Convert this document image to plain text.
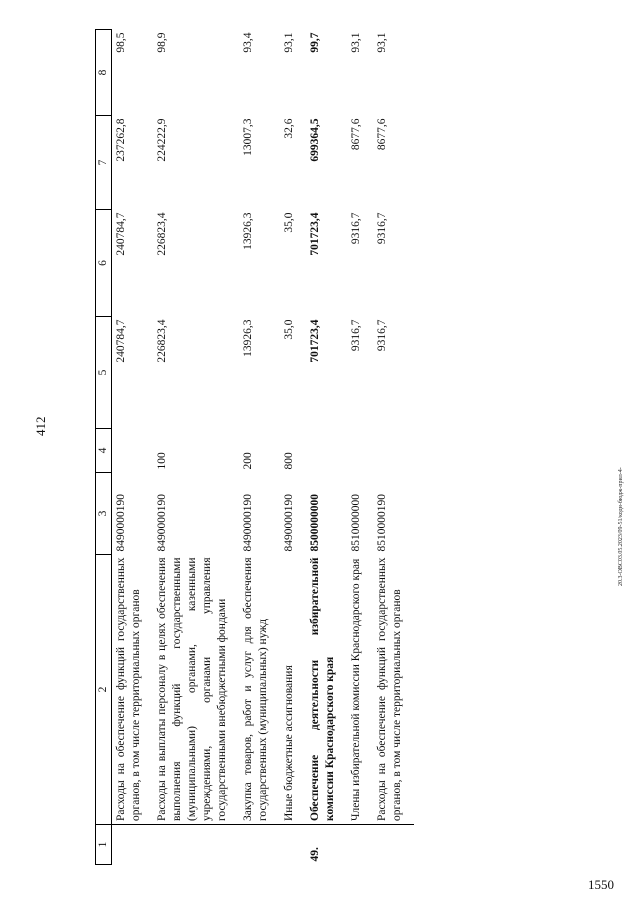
412
20.3-ОВС03.05.2023/09-51/кодн-бюдж-прил-4-
1550
1	2	3	4	5	6	7	8
	Расходы на обеспечение функций государственных органов, в том числе территориальных органов	8490000190		240784,7	240784,7	237262,8	98,5
	Расходы на выплаты персоналу в целях обеспечения выполнения функций государственными (муниципальными) органами, казенными учреждениями, органами управления государственными внебюджетными фондами	8490000190	100	226823,4	226823,4	224222,9	98,9
	Закупка товаров, работ и услуг для обеспечения государственных (муниципальных) нужд	8490000190	200	13926,3	13926,3	13007,3	93,4
	Иные бюджетные ассигнования	8490000190	800	35,0	35,0	32,6	93,1
49.	Обеспечение деятельности избирательной комиссии Краснодарского края	8500000000		701723,4	701723,4	699364,5	99,7
	Члены избирательной комиссии Краснодарского края	8510000000		9316,7	9316,7	8677,6	93,1
	Расходы на обеспечение функций государственных органов, в том числе территориальных органов	8510000190		9316,7	9316,7	8677,6	93,1
